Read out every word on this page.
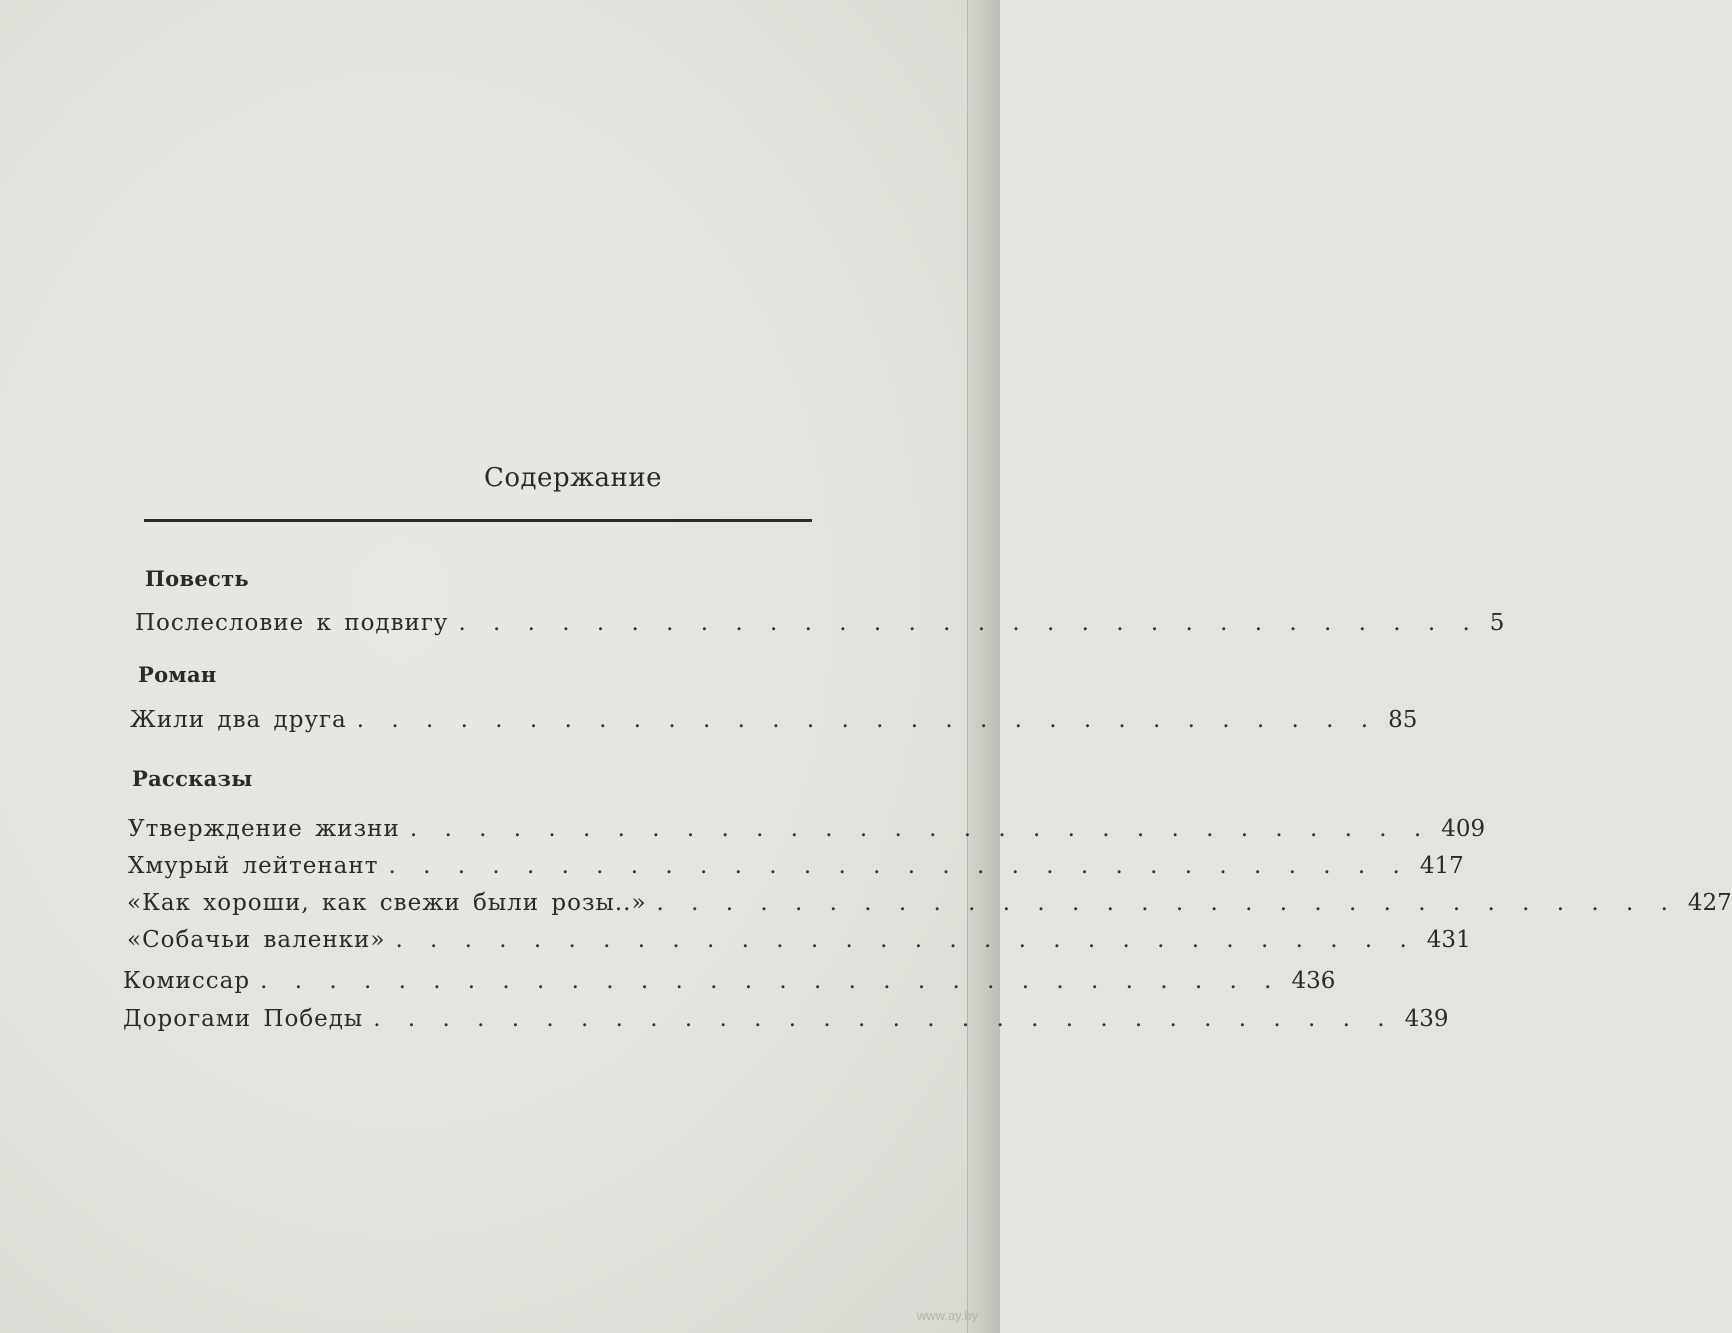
Содержание
Повесть
Послесловие к подвигу . . . . . . . . . . . . . . . . . . . . . . . . . . . . . . 5
Роман
Жили два друга . . . . . . . . . . . . . . . . . . . . . . . . . . . . . . 85
Рассказы
Утверждение жизни . . . . . . . . . . . . . . . . . . . . . . . . . . . . . . 409
Хмурый лейтенант . . . . . . . . . . . . . . . . . . . . . . . . . . . . . . 417
«Как хороши, как свежи были розы..» . . . . . . . . . . . . . . . . . . . . . . . . . . . . . . 427
«Собачьи валенки» . . . . . . . . . . . . . . . . . . . . . . . . . . . . . . 431
Комиссар . . . . . . . . . . . . . . . . . . . . . . . . . . . . . . 436
Дорогами Победы . . . . . . . . . . . . . . . . . . . . . . . . . . . . . . 439
www.ay.by
